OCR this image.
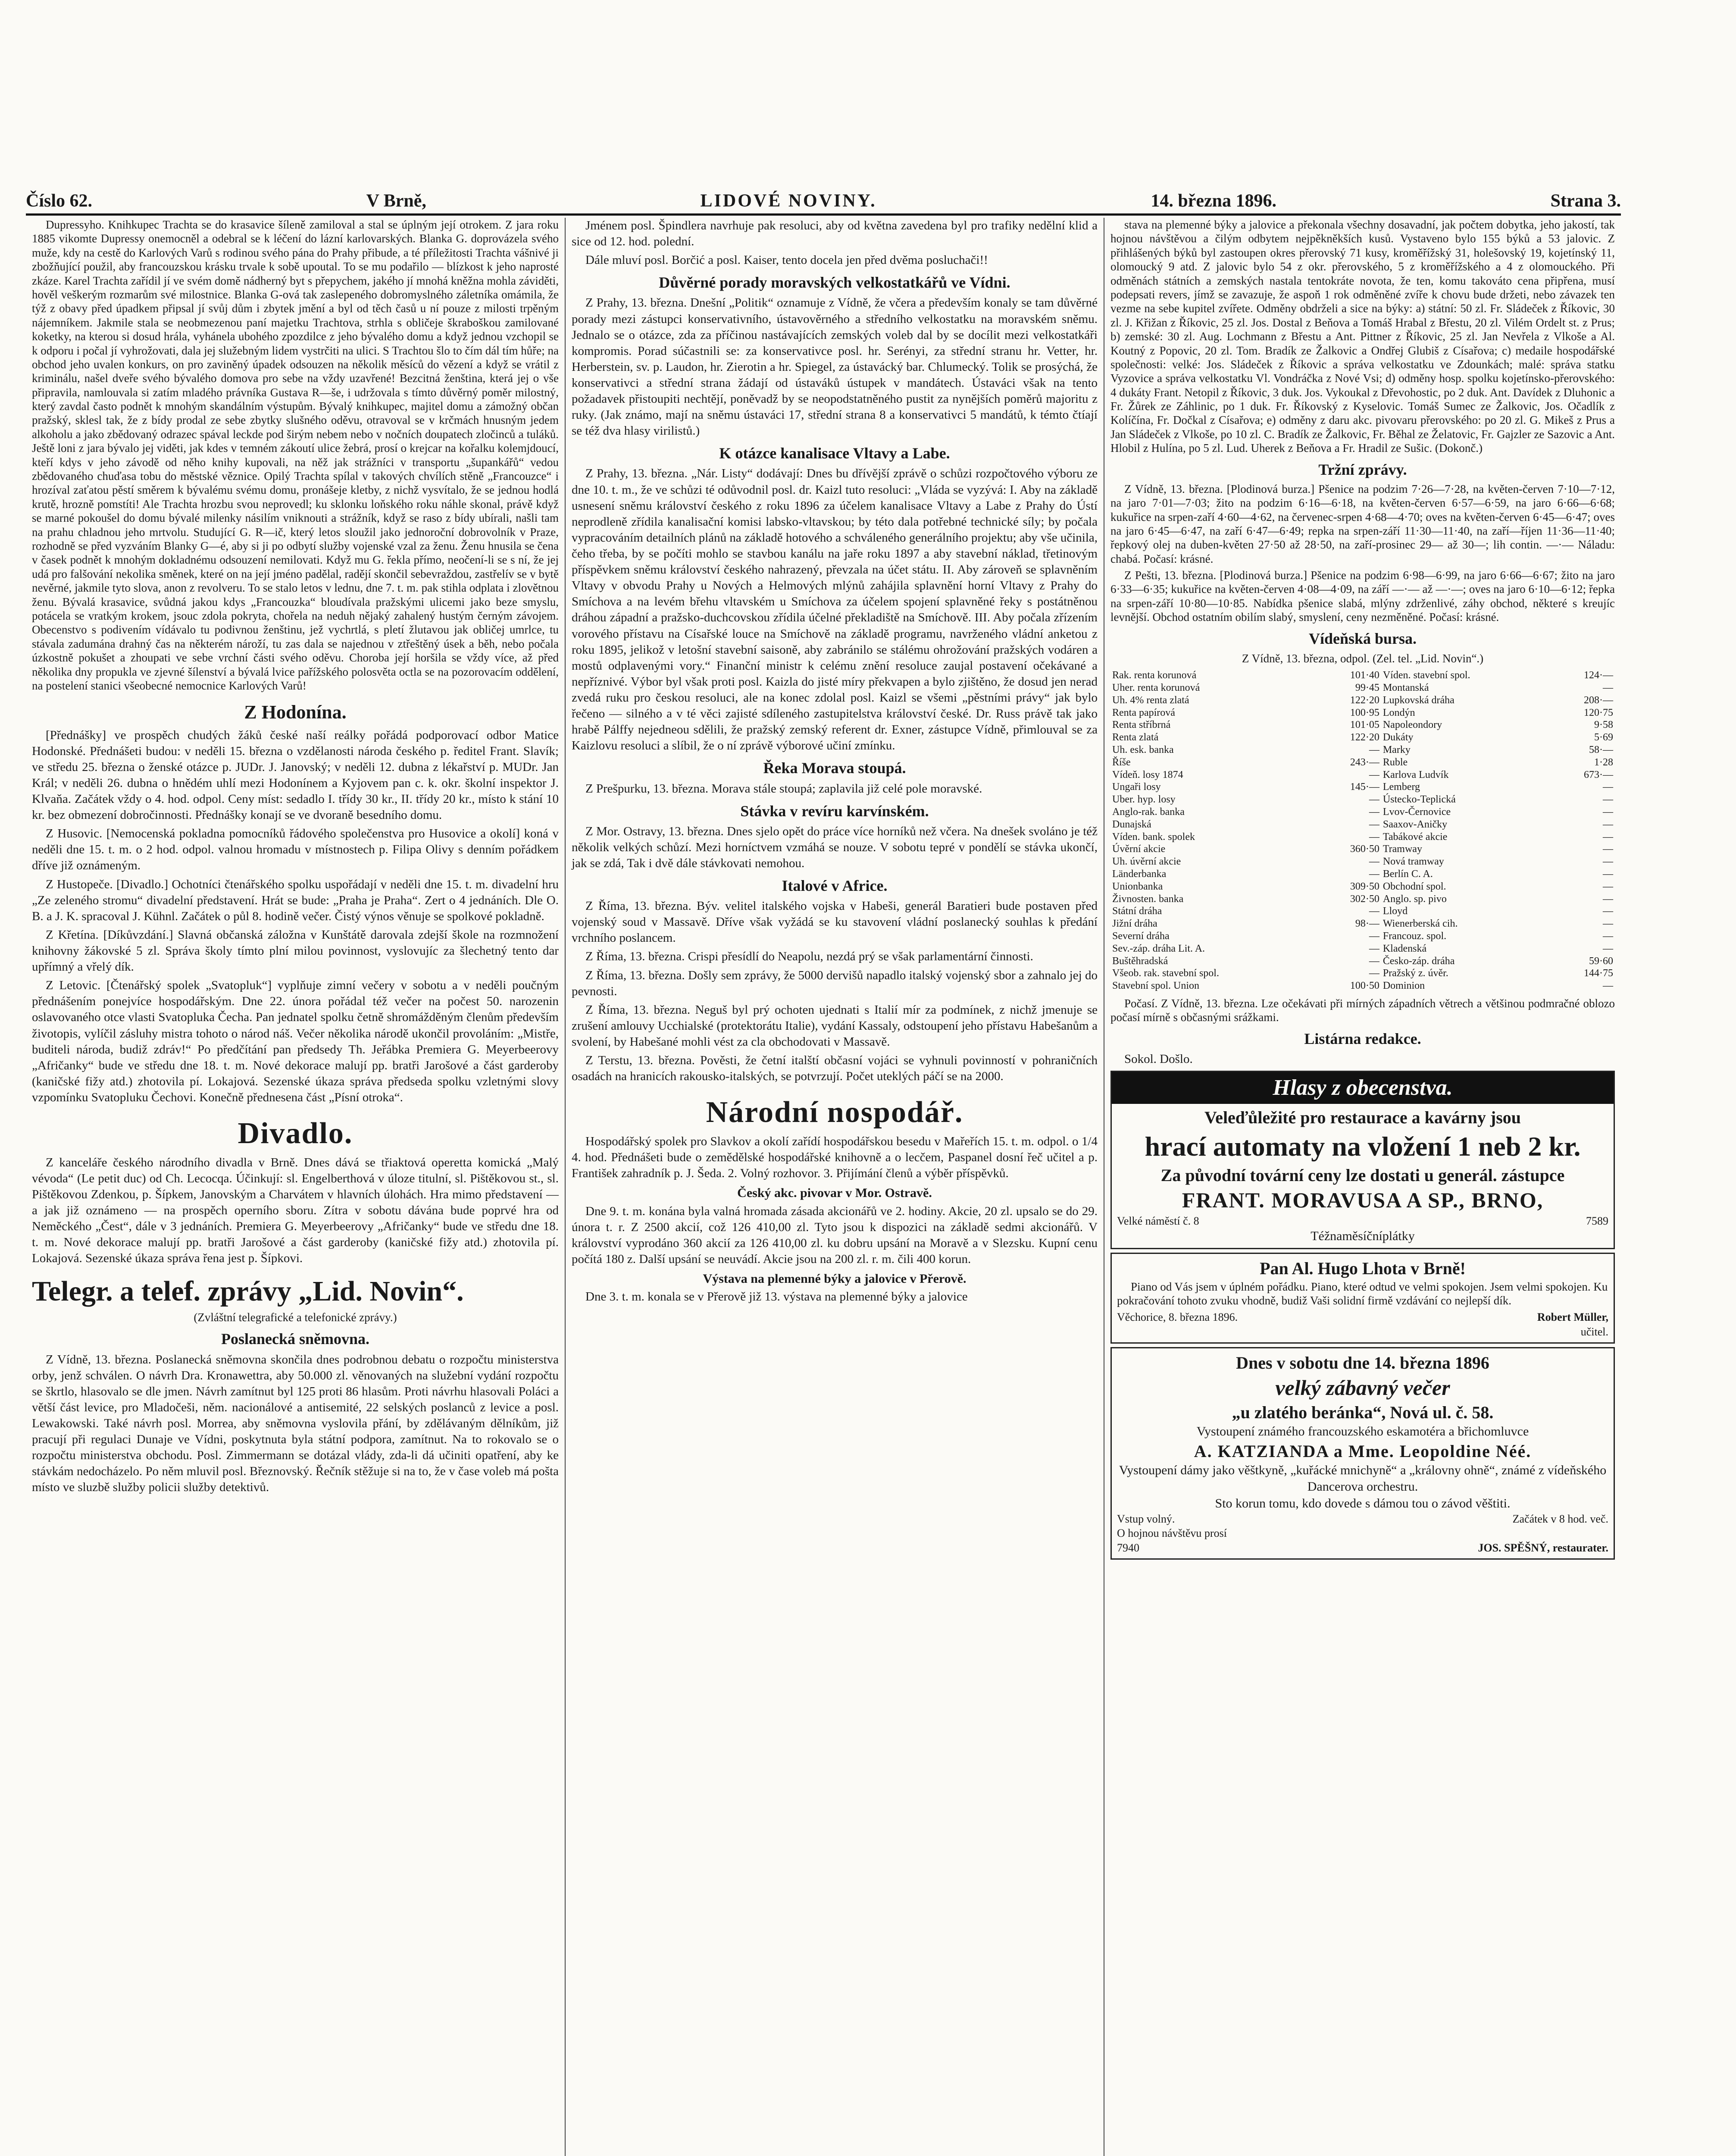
Číslo 62.	V Brně,	LIDOVÉ NOVINY.	14. března 1896.	Strana 3.

Dupressyho. Knihkupec Trachta se do krasavice šíleně zamiloval a stal se úplným její otrokem. Z jara roku 1885 vikomte Dupressy onemocněl a odebral se k léčení do lázní karlovarských. Blanka G. doprovázela svého muže, kdy na cestě do Karlových Varů s rodinou svého pána do Prahy přibude, a té příležitosti Trachta vášnivé ji zbožňující použil, aby francouzskou krásku trvale k sobě upoutal. To se mu podařilo — blízkost k jeho naprosté zkáze. Karel Trachta zařídil jí ve svém domě nádherný byt s přepychem, jakého jí mnohá kněžna mohla záviděti, hověl veškerým rozmarům své milostnice. Blanka G-ová tak zaslepeného dobromyslného záletníka omámila, že týž z obavy před úpadkem připsal jí svůj dům i zbytek jmění a byl od těch časů u ní pouze z milosti trpěným nájemníkem. Jakmile stala se neobmezenou paní majetku Trachtova, strhla s obličeje škraboškou zamilované koketky, na kterou si dosud hrála, vyhánela ubohého zpozdilce z jeho bývalého domu a když jednou vzchopil se k odporu i počal jí vyhrožovati, dala jej služebným lidem vystrčiti na ulici. S Trachtou šlo to čím dál tím hůře; na obchod jeho uvalen konkurs, on pro zaviněný úpadek odsouzen na několik měsíců do vězení a když se vrátil z kriminálu, našel dveře svého bývalého domova pro sebe na vždy uzavřené! Bezcitná ženština, která jej o vše připravila, namlouvala si zatím mladého právníka Gustava R—še, i udržovala s tímto důvěrný poměr milostný, který zavdal často podnět k mnohým skandálním výstupům. Bývalý knihkupec, majitel domu a zámožný občan pražský, sklesl tak, že z bídy prodal ze sebe zbytky slušného oděvu, otravoval se v krčmách hnusným jedem alkoholu a jako zbědovaný odrazec spával leckde pod širým nebem nebo v nočních doupatech zločinců a tuláků. Ještě loni z jara bývalo jej viděti, jak kdes v temném zákoutí ulice žebrá, prosí o krejcar na kořalku kolemjdoucí, kteří kdys v jeho závodě od něho knihy kupovali, na něž jak strážníci v transportu „šupankářů“ vedou zbědovaného chuďasa tobu do městské věznice. Opilý Trachta spílal v takových chvílích stěně „Francouzce“ i hrozíval zaťatou pěstí směrem k bývalému svému domu, pronášeje kletby, z nichž vysvítalo, že se jednou hodlá krutě, hrozně pomstíti! Ale Trachta hrozbu svou neprovedl; ku sklonku loňského roku náhle skonal, právě když se marné pokoušel do domu bývalé milenky násilím vniknouti a strážník, když se raso z bídy ubírali, našli tam na prahu chladnou jeho mrtvolu. Studující G. R—ič, který letos sloužil jako jednoroční dobrovolník v Praze, rozhodně se před vyzváním Blanky G—é, aby si ji po odbytí služby vojenské vzal za ženu. Ženu hnusila se čena v časek podnět k mnohým dokladnému odsouzení nemilovati. Když mu G. řekla přímo, neočení-li se s ní, že jej udá pro falšování nekolika směnek, které on na její jméno padělal, radějí skončil sebevraždou, zastřelív se v bytě nevěrné, jakmile tyto slova, anon z revolveru. To se stalo letos v lednu, dne 7. t. m. pak stihla odplata i zlovětnou ženu. Bývalá krasavice, svůdná jakou kdys „Francouzka“ bloudívala pražskými ulicemi jako beze smyslu, potácela se vratkým krokem, jsouc zdola pokryta, chořela na neduh nějaký zahalený hustým černým závojem. Obecenstvo s podivením vídávalo tu podivnou ženštinu, jež vychrtlá, s pletí žlutavou jak obličej umrlce, tu stávala zadumána drahný čas na některém nároží, tu zas dala se najednou v ztřeštěný úsek a běh, nebo počala úzkostně pokušet a zhoupati ve sebe vrchní části svého oděvu. Choroba její horšila se vždy více, až před několika dny propukla ve zjevné šílenství a bývalá lvice pařížského polosvěta octla se na pozorovacím oddělení, na postelení stanici všeobecné nemocnice Karlových Varů!

Z Hodonína.

[Přednášky] ve prospěch chudých žáků české naší reálky pořádá podporovací odbor Matice Hodonské. Přednášeti budou: v neděli 15. března o vzdělanosti národa českého p. ředitel Frant. Slavík; ve středu 25. března o ženské otázce p. JUDr. J. Janovský; v neděli 12. dubna z lékařství p. MUDr. Jan Král; v neděli 26. dubna o hnědém uhlí mezi Hodonínem a Kyjovem pan c. k. okr. školní inspektor J. Klvaňa. Začátek vždy o 4. hod. odpol. Ceny míst: sedadlo I. třídy 30 kr., II. třídy 20 kr., místo k stání 10 kr. bez obmezení dobročinnosti. Přednášky konají se ve dvoraně besedního domu.

Z Husovic. [Nemocenská pokladna pomocníků řádového společenstva pro Husovice a okolí] koná v neděli dne 15. t. m. o 2 hod. odpol. valnou hromadu v místnostech p. Filipa Olivy s denním pořádkem dříve již oznámeným.

Z Hustopeče. [Divadlo.] Ochotníci čtenářského spolku uspořádají v neděli dne 15. t. m. divadelní hru „Ze zeleného stromu“ divadelní představení. Hrát se bude: „Praha je Praha“. Zert o 4 jednáních. Dle O. B. a J. K. spracoval J. Kühnl. Začátek o půl 8. hodině večer. Čistý výnos věnuje se spolkové pokladně.

Z Křetína. [Díkůvzdání.] Slavná občanská záložna v Kunštátě darovala zdejší škole na rozmnožení knihovny žákovské 5 zl. Správa školy tímto plní milou povinnost, vyslovujíc za šlechetný tento dar upřímný a vřelý dík.

Z Letovic. [Čtenářský spolek „Svatopluk“] vyplňuje zimní večery v sobotu a v neděli poučným přednášením ponejvíce hospodářským. Dne 22. února pořádal též večer na počest 50. narozenin oslavovaného otce vlasti Svatopluka Čecha. Pan jednatel spolku četně shromážděným členům především životopis, vylíčil zásluhy mistra tohoto o národ náš. Večer několika národě ukončil provoláním: „Mistře, buditeli národa, budiž zdráv!“ Po předčítání pan předsedy Th. Jeřábka Premiera G. Meyerbeerovy „Afričanky“ bude ve středu dne 18. t. m. Nové dekorace malují pp. bratři Jarošové a část garderoby (kaničské fižy atd.) zhotovila pí. Lokajová. Sezenské úkaza správa předseda spolku vzletnými slovy vzpomínku Svatopluku Čechovi. Konečně přednesena část „Písní otroka“.

Divadlo.

Z kanceláře českého národního divadla v Brně. Dnes dává se třiaktová operetta komická „Malý vévoda“ (Le petit duc) od Ch. Lecocqa. Účinkují: sl. Engelberthová v úloze titulní, sl. Pištěkovou st., sl. Pištěkovou Zdenkou, p. Šípkem, Janovským a Charvátem v hlavních úlohách. Hra mimo představení — a jak již oznámeno — na prospěch operního sboru. Zítra v sobotu dávána bude poprvé hra od Neměckého „Čest“, dále v 3 jednáních. Premiera G. Meyerbeerovy „Afričanky“ bude ve středu dne 18. t. m. Nové dekorace malují pp. bratři Jarošové a část garderoby (kaničské fižy atd.) zhotovila pí. Lokajová. Sezenské úkaza správa řena jest p. Šípkovi.

Telegr. a telef. zprávy „Lid. Novin“.
(Zvláštní telegrafické a telefonické zprávy.)
Poslanecká sněmovna.

Z Vídně, 13. března. Poslanecká sněmovna skončila dnes podrobnou debatu o rozpočtu ministerstva orby, jenž schválen. O návrh Dra. Kronawettra, aby 50.000 zl. věnovaných na služební vydání rozpočtu se škrtlo, hlasovalo se dle jmen. Návrh zamítnut byl 125 proti 86 hlasům. Proti návrhu hlasovali Poláci a větší část levice, pro Mladočeši, něm. nacionálové a antisemité, 22 selských poslanců z levice a posl. Lewakowski. Také návrh posl. Morrea, aby sněmovna vyslovila přání, by zdělávaným dělníkům, již pracují při regulaci Dunaje ve Vídni, poskytnuta byla státní podpora, zamítnut. Na to rokovalo se o rozpočtu ministerstva obchodu. Posl. Zimmermann se dotázal vlády, zda-li dá učiniti opatření, aby ke stávkám nedocházelo. Po něm mluvil posl. Březnovský. Řečník stěžuje si na to, že v čase voleb má pošta místo ve sluzbě služby policii služby detektivů.

Jménem posl. Špindlera navrhuje pak resoluci, aby od května zavedena byl pro trafiky nedělní klid a sice od 12. hod. polední.

Dále mluví posl. Borčić a posl. Kaiser, tento docela jen před dvěma posluchači!!

Důvěrné porady moravských velkostatkářů ve Vídni.

Z Prahy, 13. března. Dnešní „Politik“ oznamuje z Vídně, že včera a především konaly se tam důvěrné porady mezi zástupci konservativního, ústavověrného a středního velkostatku na moravském sněmu. Jednalo se o otázce, zda za příčinou nastávajících zemských voleb dal by se docílit mezi velkostatkáři kompromis. Porad súčastnili se: za konservativce posl. hr. Serényi, za střední stranu hr. Vetter, hr. Herberstein, sv. p. Laudon, hr. Zierotin a hr. Spiegel, za ústavácký bar. Chlumecký. Tolik se prosýchá, že konservativci a střední strana žádají od ústaváků ústupek v mandátech. Ústaváci však na tento požadavek přistoupiti nechtějí, poněvadž by se neopodstatněného pustit za nynějších poměrů majoritu z ruky. (Jak známo, mají na sněmu ústaváci 17, střední strana 8 a konservativci 5 mandátů, k témto čtíají se též dva hlasy virilistů.)

K otázce kanalisace Vltavy a Labe.

Z Prahy, 13. března. „Nár. Listy“ dodávají: Dnes bu dřívější zprávě o schůzi rozpočtového výboru ze dne 10. t. m., že ve schůzi té odůvodnil posl. dr. Kaizl tuto resoluci: „Vláda se vyzývá: I. Aby na základě usnesení sněmu království českého z roku 1896 za účelem kanalisace Vltavy a Labe z Prahy do Ústí neprodleně zřídila kanalisační komisi labsko-vltavskou; by této dala potřebné technické síly; by počala vypracováním detailních plánů na základě hotového a schváleného generálního projektu; aby vše učinila, čeho třeba, by se počíti mohlo se stavbou kanálu na jaře roku 1897 a aby stavební náklad, třetinovým příspěvkem sněmu království českého nahrazený, převzala na účet státu. II. Aby zároveň se splavněním Vltavy v obvodu Prahy u Nových a Helmových mlýnů zahájila splavnění horní Vltavy z Prahy do Smíchova a na levém břehu vltavském u Smíchova za účelem spojení splavněné řeky s postátněnou dráhou západní a pražsko-duchcovskou zřídila účelné překladiště na Smíchově. III. Aby počala zřízením vorového přístavu na Císařské louce na Smíchově na základě programu, navrženého vládní anketou z roku 1895, jelikož v letošní stavební saisoně, aby zabránilo se stálému ohrožování pražských vodáren a mostů odplavenými vory.“ Finanční ministr k celému znění resoluce zaujal postavení očekávané a nepříznivé. Výbor byl však proti posl. Kaizla do jisté míry překvapen a bylo zjištěno, že dosud jen nerad zvedá ruku pro českou resoluci, ale na konec zdolal posl. Kaizl se všemi „pěstními právy“ jak bylo řečeno — silného a v té věci zajisté sdíleného zastupitelstva království české. Dr. Russ právě tak jako hrabě Pálffy nejedneou sdělili, že pražský zemský referent dr. Exner, zástupce Vídně, přimlouval se za Kaizlovu resoluci a slíbil, že o ní zprávě výborové učiní zmínku.

Řeka Morava stoupá.

Z Prešpurku, 13. března. Morava stále stoupá; zaplavila již celé pole moravské.

Stávka v revíru karvínském.

Z Mor. Ostravy, 13. března. Dnes sjelo opět do práce více horníků než včera. Na dnešek svoláno je též několik velkých schůzí. Mezi horníctvem vzmáhá se nouze. V sobotu tepré v pondělí se stávka ukončí, jak se zdá, Tak i dvě dále stávkovati nemohou.

Italové v Africe.

Z Říma, 13. března. Býv. velitel italského vojska v Habeši, generál Baratieri bude postaven před vojenský soud v Massavě. Dříve však vyžádá se ku stavovení vládní poslanecký souhlas k předání vrchního poslancem.

Z Říma, 13. března. Crispi přesídlí do Neapolu, nezdá prý se však parlamentární činnosti.

Z Říma, 13. března. Došly sem zprávy, že 5000 dervišů napadlo italský vojenský sbor a zahnalo jej do pevnosti.

Z Říma, 13. března. Neguš byl prý ochoten ujednati s Italií mír za podmínek, z nichž jmenuje se zrušení amlouvy Ucchialské (protektorátu Italie), vydání Kassaly, odstoupení jeho přístavu Habešanům a svolení, by Habešané mohli vést za cla obchodovati v Massavě.

Z Terstu, 13. března. Pověsti, že četní italští občasní vojáci se vyhnuli povinností v pohraničních osadách na hranicích rakousko-italských, se potvrzují. Počet uteklých páčí se na 2000.

Národní nospodář.

Hospodářský spolek pro Slavkov a okolí zařídí hospodářskou besedu v Mařeřích 15. t. m. odpol. o 1/4 4. hod. Přednášeti bude o zemědělské hospodářské knihovně a o lecčem, Paspanel dosní řeč učitel a p. František zahradník p. J. Šeda. 2. Volný rozhovor. 3. Přijímání členů a výběr příspěvků.

Český akc. pivovar v Mor. Ostravě.

Dne 9. t. m. konána byla valná hromada zásada akcionářů ve 2. hodiny. Akcie, 20 zl. upsalo se do 29. února t. r. Z 2500 akcií, což 126 410,00 zl. Tyto jsou k dispozici na základě sedmi akcionářů. V království vyprodáno 360 akcií za 126 410,00 zl. ku dobru upsání na Moravě a v Slezsku. Kupní cenu počítá 180 z. Další upsání se neuvádí. Akcie jsou na 200 zl. r. m. čili 400 korun.

Výstava na plemenné býky a jalovice v Přerově.

Dne 3. t. m. konala se v Přerově již 13. výstava na plemenné býky a jalovice

stava na plemenné býky a jalovice a překonala všechny dosavadní, jak počtem dobytka, jeho jakostí, tak hojnou návštěvou a čilým odbytem nejpěkněkších kusů. Vystaveno bylo 155 býků a 53 jalovic. Z přihlášených býků byl zastoupen okres přerovský 71 kusy, kroměřížský 31, holešovský 19, kojetínský 11, olomoucký 9 atd. Z jalovic bylo 54 z okr. přerovského, 5 z kroměřížského a 4 z olomouckého. Při odměnách státních a zemských nastala tentokráte novota, že ten, komu takováto cena připřena, musí podepsati revers, jímž se zavazuje, že aspoň 1 rok odměněné zvíře k chovu bude držeti, nebo závazek ten vezme na sebe kupitel zvířete. Odměny obdrželi a sice na býky: a) státní: 50 zl. Fr. Sládeček z Říkovic, 30 zl. J. Křižan z Říkovic, 25 zl. Jos. Dostal z Beňova a Tomáš Hrabal z Břestu, 20 zl. Vilém Ordelt st. z Prus; b) zemské: 30 zl. Aug. Lochmann z Břestu a Ant. Pittner z Říkovic, 25 zl. Jan Nevřela z Vlkoše a Al. Koutný z Popovic, 20 zl. Tom. Bradík ze Žalkovic a Ondřej Glubiš z Císařova; c) medaile hospodářské společnosti: velké: Jos. Sládeček z Říkovic a správa velkostatku ve Zdounkách; malé: správa statku Vyzovice a správa velkostatku Vl. Vondráčka z Nové Vsi; d) odměny hosp. spolku kojetínsko-přerovského: 4 dukáty Frant. Netopil z Říkovic, 3 duk. Jos. Vykoukal z Dřevohostic, po 2 duk. Ant. Davídek z Dluhonic a Fr. Žůrek ze Záhlinic, po 1 duk. Fr. Říkovský z Kyselovic. Tomáš Sumec ze Žalkovic, Jos. Očadlík z Kolíčína, Fr. Dočkal z Císařova; e) odměny z daru akc. pivovaru přerovského: po 20 zl. G. Mikeš z Prus a Jan Sládeček z Vlkoše, po 10 zl. C. Bradík ze Žalkovic, Fr. Běhal ze Želatovic, Fr. Gajzler ze Sazovic a Ant. Hlobil z Hulína, po 5 zl. Lud. Uherek z Beňova a Fr. Hradil ze Sušic. (Dokonč.)

Tržní zprávy.

Z Vídně, 13. března. [Plodinová burza.] Pšenice na podzim 7·26—7·28, na květen-červen 7·10—7·12, na jaro 7·01—7·03; žito na podzim 6·16—6·18, na květen-červen 6·57—6·59, na jaro 6·66—6·68; kukuřice na srpen-zaří 4·60—4·62, na červenec-srpen 4·68—4·70; oves na květen-červen 6·45—6·47; oves na jaro 6·45—6·47, na zaří 6·47—6·49; repka na srpen-září 11·30—11·40, na zaří—říjen 11·36—11·40; řepkový olej na duben-květen 27·50 až 28·50, na zaří-prosinec 29— až 30—; lih contin. —·— Náladu: chabá. Počasí: krásné.

Z Pešti, 13. března. [Plodinová burza.] Pšenice na podzim 6·98—6·99, na jaro 6·66—6·67; žito na jaro 6·33—6·35; kukuřice na květen-červen 4·08—4·09, na září —·— až —·—; oves na jaro 6·10—6·12; řepka na srpen-září 10·80—10·85. Nabídka pšenice slabá, mlýny zdrženlivé, záhy obchod, některé s kreujíc levnější. Obchod ostatním obilím slabý, smyslení, ceny nezměněné. Počasí: krásné.

Vídeňská bursa.
Z Vídně, 13. března, odpol. (Zel. tel. „Lid. Novin“.)
Rak. renta korunová	101·40	Víden. stavební spol.	124·—
Uher. renta korunová	99·45	Montanská	—
Uh. 4% renta zlatá	122·20	Lupkovská dráha	208·—
Renta papírová	100·95	Londýn	120·75
Renta stříbrná	101·05	Napoleondory	9·58
Renta zlatá	122·20	Dukáty	5·69
Uh. esk. banka	—	Marky	58·—
Říše	243·—	Ruble	1·28
Vídeň. losy 1874	—	Karlova Ludvík	673·—
Ungaři losy	145·—	Lemberg	—
Uber. hyp. losy	—	Ústecko-Teplická	—
Anglo-rak. banka	—	Lvov-Černovice	—
Dunajská	—	Saaxov-Aničky	—
Víden. bank. spolek	—	Tabákové akcie	—
Úvěrní akcie	360·50	Tramway	—
Uh. úvěrní akcie	—	Nová tramway	—
Länderbanka	—	Berlín C. A.	—
Unionbanka	309·50	Obchodní spol.	—
Živnosten. banka	302·50	Anglo. sp. pivo	—
Státní dráha	—	Lloyd	—
Jižní dráha	98·—	Wienerberská cih.	—
Severní dráha	—	Francouz. spol.	—
Sev.-záp. dráha Lit. A.	—	Kladenská	—
Buštěhradská	—	Česko-záp. dráha	59·60
Všeob. rak. stavební spol.	—	Pražský z. úvěr.	144·75
Stavební spol. Union	100·50	Dominion	—

Počasí. Z Vídně, 13. března. Lze očekávati při mírných západních větrech a většinou podmračné oblozo počasí mírně s občasnými srážkami.

Listárna redakce.

Sokol. Došlo.

Hlasy z obecenstva.
Veleďůležité pro restaurace a kavárny jsou
hrací automaty na vložení 1 neb 2 kr.
Za původní tovární ceny lze dostati u generál. zástupce
FRANT. MORAVUSA A SP., BRNO,
Velké náměstí č. 8	7589
Téžnaměsíčníplátky
Pan Al. Hugo Lhota v Brně!

Piano od Vás jsem v úplném pořádku. Piano, které odtud ve velmi spokojen. Jsem velmi spokojen. Ku pokračování tohoto zvuku vhodně, budiž Vaši solidní firmě vzdávání co nejlepší dík.

Věchorice, 8. března 1896.	Robert Müller,
učitel.
Dnes v sobotu dne 14. března 1896
velký zábavný večer
„u zlatého beránka“, Nová ul. č. 58.
Vystoupení známého francouzského eskamotéra a břichomluvce
A. KATZIANDA a Mme. Leopoldine Néé.
Vystoupení dámy jako věštkyně, „kuřácké mnichyně“ a „královny ohně“, známé z vídeňského Dancerova orchestru.
Sto korun tomu, kdo dovede s dámou tou o závod věštiti.
Vstup volný.	Začátek v 8 hod. več.
O hojnou návštěvu prosí
7940	JOS. SPĚŠNÝ, restaurater.
